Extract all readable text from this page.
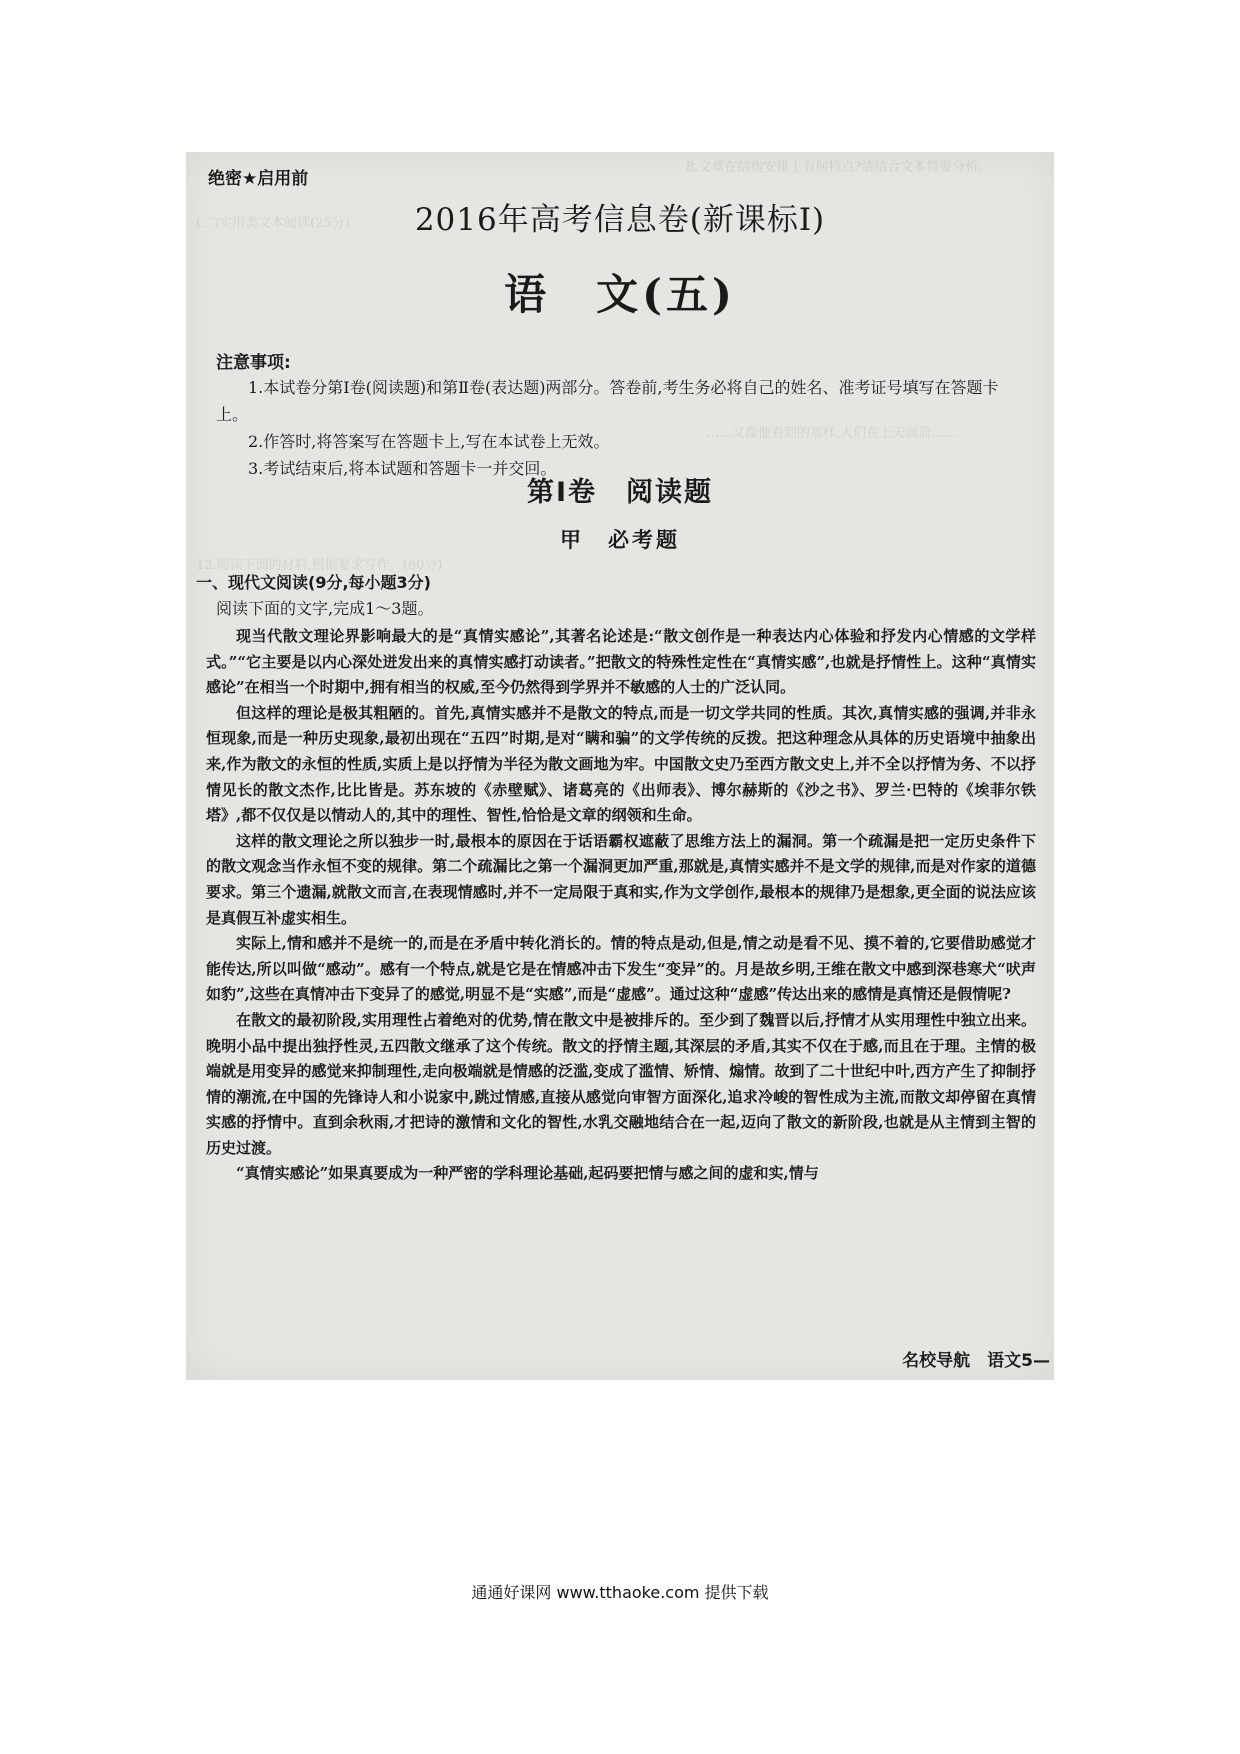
8.文章在结构安排上有何特点?请结合文本简要分析。
(二)实用类文本阅读(25分)
……又像他看到的那样,人们在上天面前……
12.阅读下面的材料,根据要求写作。(60分)
绝密★启用前
2016年高考信息卷(新课标Ⅰ)
语　文(五)
注意事项:

1.本试卷分第Ⅰ卷(阅读题)和第Ⅱ卷(表达题)两部分。答卷前,考生务必将自己的姓名、准考证号填写在答题卡上。

2.作答时,将答案写在答题卡上,写在本试卷上无效。

3.考试结束后,将本试题和答题卡一并交回。

第Ⅰ卷　阅读题
甲　必考题
一、现代文阅读(9分,每小题3分)
阅读下面的文字,完成1～3题。

现当代散文理论界影响最大的是“真情实感论”,其著名论述是:“散文创作是一种表达内心体验和抒发内心情感的文学样式。”“它主要是以内心深处迸发出来的真情实感打动读者。”把散文的特殊性定性在“真情实感”,也就是抒情性上。这种“真情实感论”在相当一个时期中,拥有相当的权威,至今仍然得到学界并不敏感的人士的广泛认同。

但这样的理论是极其粗陋的。首先,真情实感并不是散文的特点,而是一切文学共同的性质。其次,真情实感的强调,并非永恒现象,而是一种历史现象,最初出现在“五四”时期,是对“瞒和骗”的文学传统的反拨。把这种理念从具体的历史语境中抽象出来,作为散文的永恒的性质,实质上是以抒情为半径为散文画地为牢。中国散文史乃至西方散文史上,并不全以抒情为务、不以抒情见长的散文杰作,比比皆是。苏东坡的《赤壁赋》、诸葛亮的《出师表》、博尔赫斯的《沙之书》、罗兰·巴特的《埃菲尔铁塔》,都不仅仅是以情动人的,其中的理性、智性,恰恰是文章的纲领和生命。

这样的散文理论之所以独步一时,最根本的原因在于话语霸权遮蔽了思维方法上的漏洞。第一个疏漏是把一定历史条件下的散文观念当作永恒不变的规律。第二个疏漏比之第一个漏洞更加严重,那就是,真情实感并不是文学的规律,而是对作家的道德要求。第三个遗漏,就散文而言,在表现情感时,并不一定局限于真和实,作为文学创作,最根本的规律乃是想象,更全面的说法应该是真假互补虚实相生。

实际上,情和感并不是统一的,而是在矛盾中转化消长的。情的特点是动,但是,情之动是看不见、摸不着的,它要借助感觉才能传达,所以叫做“感动”。感有一个特点,就是它是在情感冲击下发生“变异”的。月是故乡明,王维在散文中感到深巷寒犬“吠声如豹”,这些在真情冲击下变异了的感觉,明显不是“实感”,而是“虚感”。通过这种“虚感”传达出来的感情是真情还是假情呢?

在散文的最初阶段,实用理性占着绝对的优势,情在散文中是被排斥的。至少到了魏晋以后,抒情才从实用理性中独立出来。晚明小品中提出独抒性灵,五四散文继承了这个传统。散文的抒情主题,其深层的矛盾,其实不仅在于感,而且在于理。主情的极端就是用变异的感觉来抑制理性,走向极端就是情感的泛滥,变成了滥情、矫情、煽情。故到了二十世纪中叶,西方产生了抑制抒情的潮流,在中国的先锋诗人和小说家中,跳过情感,直接从感觉向审智方面深化,追求冷峻的智性成为主流,而散文却停留在真情实感的抒情中。直到余秋雨,才把诗的激情和文化的智性,水乳交融地结合在一起,迈向了散文的新阶段,也就是从主情到主智的历史过渡。

“真情实感论”如果真要成为一种严密的学科理论基础,起码要把情与感之间的虚和实,情与

名校导航　语文5—
通通好课网 www.tthaoke.com 提供下载
